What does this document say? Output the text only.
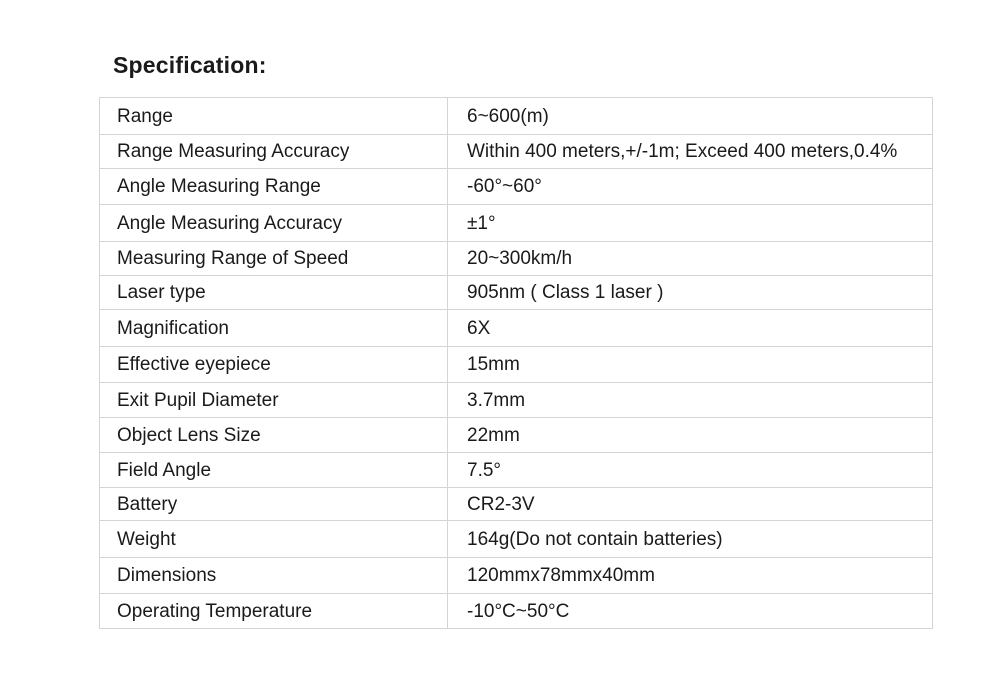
Specification:
Range	6~600(m)
Range Measuring Accuracy	Within 400 meters,+/-1m; Exceed 400 meters,0.4%
Angle Measuring Range	-60°~60°
Angle Measuring Accuracy	±1°
Measuring Range of Speed	20~300km/h
Laser type	905nm ( Class 1 laser )
Magnification	6X
Effective eyepiece	15mm
Exit Pupil Diameter	3.7mm
Object Lens Size	22mm
Field Angle	7.5°
Battery	CR2-3V
Weight	164g(Do not contain batteries)
Dimensions	120mmx78mmx40mm
Operating Temperature	-10°C~50°C
